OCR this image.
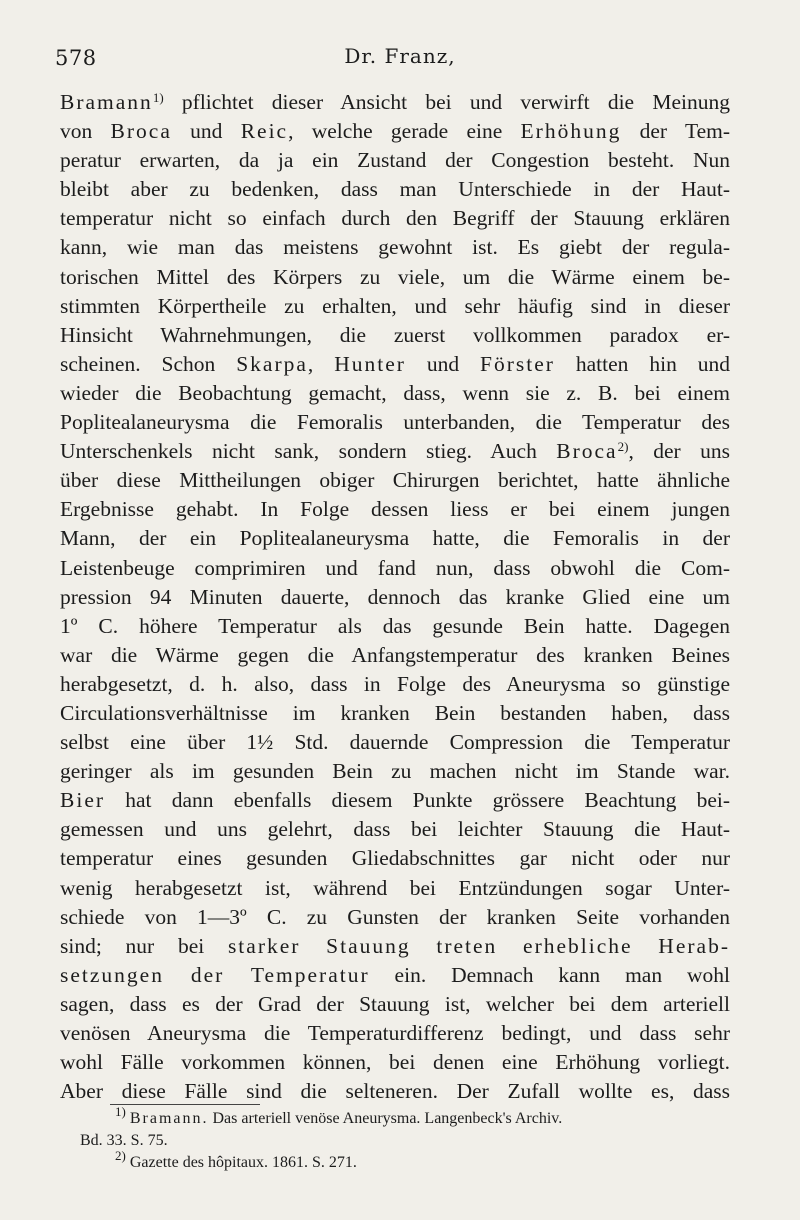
578	Dr. Franz,
Bramann$^{1)}$ pflichtet dieser Ansicht bei und verwirft die Meinung
von Broca und Reic, welche gerade eine Erhöhung der Tem-
peratur erwarten, da ja ein Zustand der Congestion besteht. Nun
bleibt aber zu bedenken, dass man Unterschiede in der Haut-
temperatur nicht so einfach durch den Begriff der Stauung erklären
kann, wie man das meistens gewohnt ist. Es giebt der regula-
torischen Mittel des Körpers zu viele, um die Wärme einem be-
stimmten Körpertheile zu erhalten, und sehr häufig sind in dieser
Hinsicht Wahrnehmungen, die zuerst vollkommen paradox er-
scheinen. Schon Skarpa, Hunter und Förster hatten hin und
wieder die Beobachtung gemacht, dass, wenn sie z. B. bei einem
Poplitealaneurysma die Femoralis unterbanden, die Temperatur des
Unterschenkels nicht sank, sondern stieg. Auch Broca$^{2)}$, der uns
über diese Mittheilungen obiger Chirurgen berichtet, hatte ähnliche
Ergebnisse gehabt. In Folge dessen liess er bei einem jungen
Mann, der ein Poplitealaneurysma hatte, die Femoralis in der
Leistenbeuge comprimiren und fand nun, dass obwohl die Com-
pression 94 Minuten dauerte, dennoch das kranke Glied eine um
1º C. höhere Temperatur als das gesunde Bein hatte. Dagegen
war die Wärme gegen die Anfangstemperatur des kranken Beines
herabgesetzt, d. h. also, dass in Folge des Aneurysma so günstige
Circulationsverhältnisse im kranken Bein bestanden haben, dass
selbst eine über 1½ Std. dauernde Compression die Temperatur
geringer als im gesunden Bein zu machen nicht im Stande war.
Bier hat dann ebenfalls diesem Punkte grössere Beachtung bei-
gemessen und uns gelehrt, dass bei leichter Stauung die Haut-
temperatur eines gesunden Gliedabschnittes gar nicht oder nur
wenig herabgesetzt ist, während bei Entzündungen sogar Unter-
schiede von 1—3º C. zu Gunsten der kranken Seite vorhanden
sind; nur bei starker Stauung treten erhebliche Herab-
setzungen der Temperatur ein. Demnach kann man wohl
sagen, dass es der Grad der Stauung ist, welcher bei dem arteriell
venösen Aneurysma die Temperaturdifferenz bedingt, und dass sehr
wohl Fälle vorkommen können, bei denen eine Erhöhung vorliegt.
Aber diese Fälle sind die selteneren. Der Zufall wollte es, dass
$^{1)}$ Bramann. Das arteriell venöse Aneurysma. Langenbeck's Archiv.
Bd. 33. S. 75.
$^{2)}$ Gazette des hôpitaux. 1861. S. 271.
